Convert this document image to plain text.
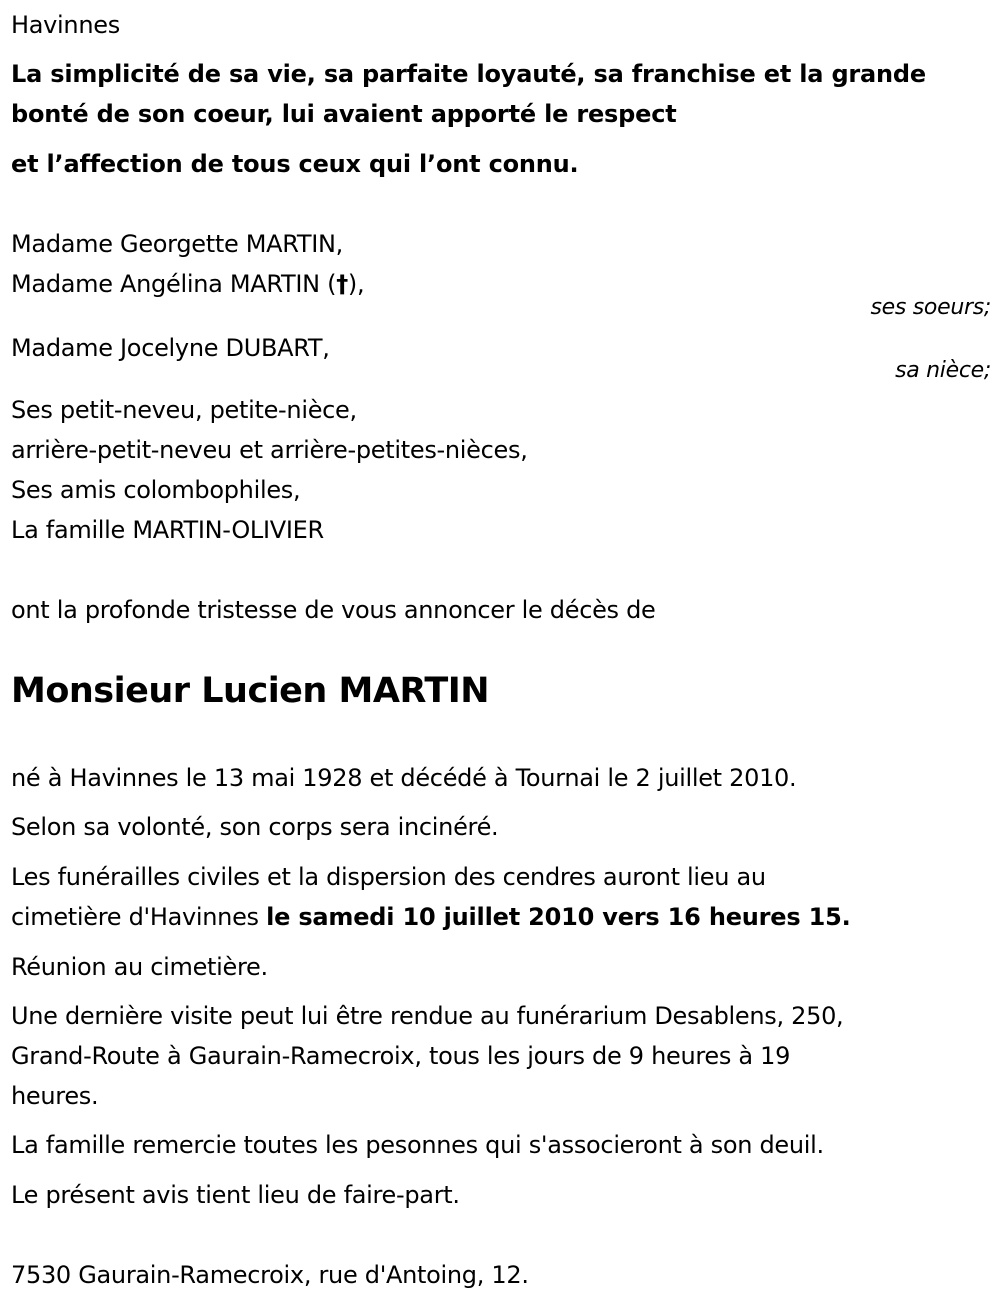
Havinnes
La simplicité de sa vie, sa parfaite loyauté, sa franchise et la grande
bonté de son coeur, lui avaient apporté le respect
et l’affection de tous ceux qui l’ont connu.
Madame Georgette MARTIN,
Madame Angélina MARTIN (†),
ses soeurs;
Madame Jocelyne DUBART,
sa nièce;
Ses petit-neveu, petite-nièce,
arrière-petit-neveu et arrière-petites-nièces,
Ses amis colombophiles,
La famille MARTIN-OLIVIER
ont la profonde tristesse de vous annoncer le décès de
Monsieur Lucien MARTIN
né à Havinnes le 13 mai 1928 et décédé à Tournai le 2 juillet 2010.
Selon sa volonté, son corps sera incinéré.
Les funérailles civiles et la dispersion des cendres auront lieu au
cimetière d'Havinnes le samedi 10 juillet 2010 vers 16 heures 15.
Réunion au cimetière.
Une dernière visite peut lui être rendue au funérarium Desablens, 250,
Grand-Route à Gaurain-Ramecroix, tous les jours de 9 heures à 19
heures.
La famille remercie toutes les pesonnes qui s'associeront à son deuil.
Le présent avis tient lieu de faire-part.
7530 Gaurain-Ramecroix, rue d'Antoing, 12.
